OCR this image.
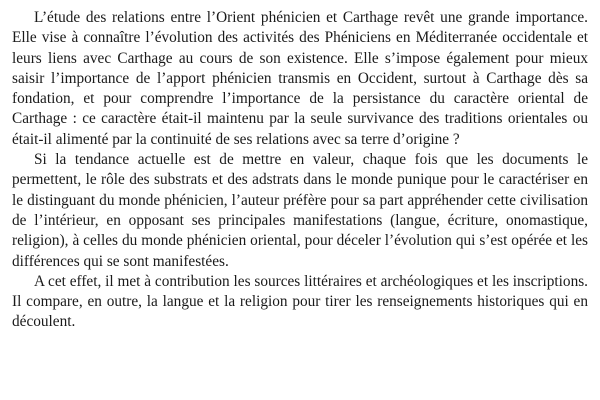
L’étude des relations entre l’Orient phénicien et Carthage revêt une grande importance. Elle vise à connaître l’évolution des activités des Phéniciens en Méditerranée occidentale et leurs liens avec Carthage au cours de son existence. Elle s’impose également pour mieux saisir l’importance de l’apport phénicien transmis en Occident, surtout à Carthage dès sa fondation, et pour comprendre l’importance de la persistance du caractère oriental de Carthage : ce caractère était-il maintenu par la seule survivance des traditions orientales ou était-il alimenté par la continuité de ses relations avec sa terre d’origine ?

Si la tendance actuelle est de mettre en valeur, chaque fois que les documents le permettent, le rôle des substrats et des adstrats dans le monde punique pour le caractériser en le distinguant du monde phénicien, l’auteur préfère pour sa part appréhender cette civilisation de l’intérieur, en opposant ses principales manifestations (langue, écriture, onomastique, religion), à celles du monde phénicien oriental, pour déceler l’évolution qui s’est opérée et les différences qui se sont manifestées.

A cet effet, il met à contribution les sources littéraires et archéologiques et les inscriptions. Il compare, en outre, la langue et la religion pour tirer les renseignements historiques qui en découlent.
